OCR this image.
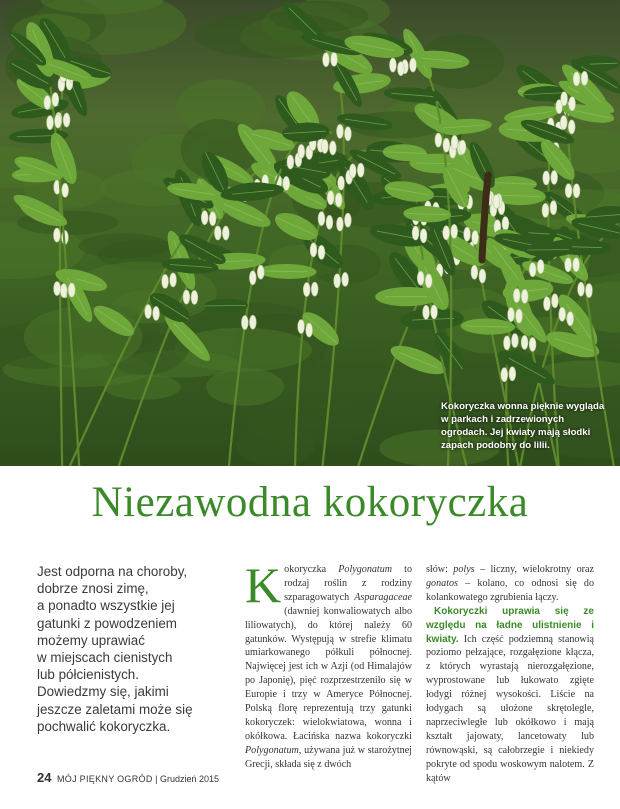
Kokoryczka wonna pięknie wygląda w parkach i zadrzewionych ogrodach. Jej kwiaty mają słodki zapach podobny do lilii.
Niezawodna kokoryczka
Jest odporna na choroby,
dobrze znosi zimę,
a ponadto wszystkie jej
gatunki z powodzeniem
możemy uprawiać
w miejscach cienistych
lub półcienistych.
Dowiedzmy się, jakimi
jeszcze zaletami może się
pochwalić kokoryczka.

Kokoryczka Polygonatum to rodzaj roślin z rodziny szparagowatych Asparagaceae (dawniej konwaliowatych albo liliowatych), do której należy 60 gatunków. Występują w strefie klimatu umiarkowanego półkuli północnej. Najwięcej jest ich w Azji (od Himalajów po Japonię), pięć rozprzestrzeniło się w Europie i trzy w Ameryce Północnej. Polską florę reprezentują trzy gatunki kokoryczek: wielokwiatowa, wonna i okółkowa. Łacińska nazwa kokoryczki Polygonatum, używana już w starożytnej Grecji, składa się z dwóch

słów: polys – liczny, wielokrotny oraz gonatos – kolano, co odnosi się do kolankowatego zgrubienia łączy.

Kokoryczki uprawia się ze względu na ładne ulistnienie i kwiaty. Ich część podziemną stanowią poziomo pełzające, rozgałęzione kłącza, z których wyrastają nierozgałęzione, wyprostowane lub łukowato zgięte łodygi różnej wysokości. Liście na łodygach są ułożone skrętolegle, naprzeciwległe lub okółkowo i mają kształt jajowaty, lancetowaty lub równowąski, są całobrzegie i niekiedy pokryte od spodu woskowym nalotem. Z kątów

24 MÓJ PIĘKNY OGRÓD | Grudzień 2015
